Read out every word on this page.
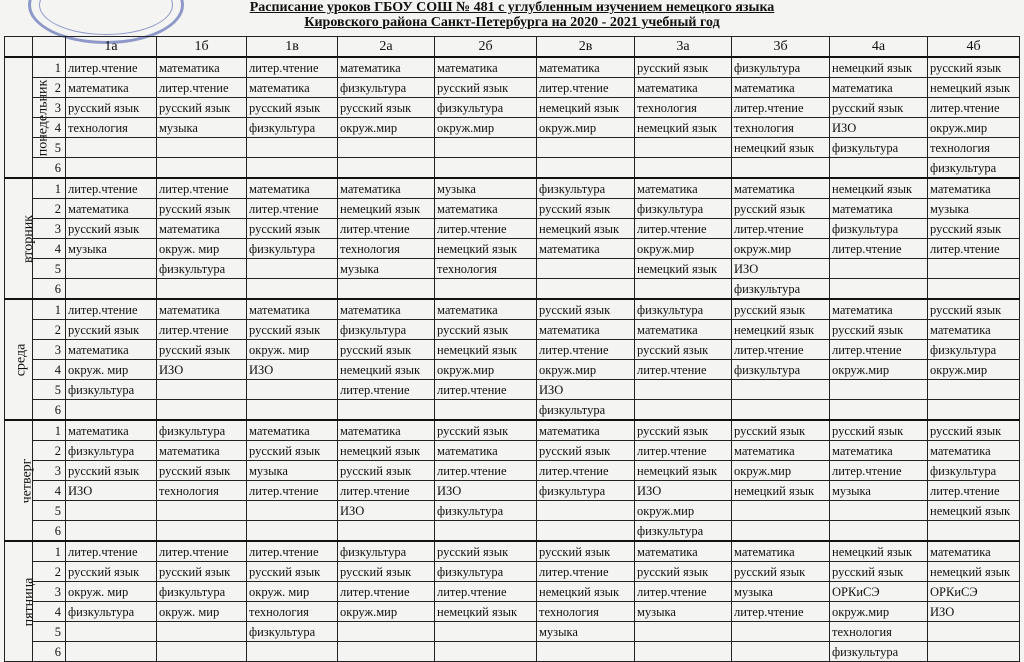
Расписание уроков ГБОУ СОШ № 481 с углубленным изучением немецкого языка
Кировского района Санкт-Петербурга на 2020 - 2021 учебный год
		1а	1б	1в	2а	2б	2в	3а	3б	4а	4б
понедельник	1	литер.чтение	математика	литер.чтение	математика	математика	математика	русский язык	физкультура	немецкий язык	русский язык
	2	математика	литер.чтение	математика	физкультура	русский язык	литер.чтение	математика	математика	математика	немецкий язык
	3	русский язык	русский язык	русский язык	русский язык	физкультура	немецкий язык	технология	литер.чтение	русский язык	литер.чтение
	4	технология	музыка	физкультура	окруж.мир	окруж.мир	окруж.мир	немецкий язык	технология	ИЗО	окруж.мир
	5								немецкий язык	физкультура	технология
	6										физкультура
вторник	1	литер.чтение	литер.чтение	математика	математика	музыка	физкультура	математика	математика	немецкий язык	математика
	2	математика	русский язык	литер.чтение	немецкий язык	математика	русский язык	физкультура	русский язык	математика	музыка
	3	русский язык	математика	русский язык	литер.чтение	литер.чтение	немецкий язык	литер.чтение	литер.чтение	физкультура	русский язык
	4	музыка	окруж. мир	физкультура	технология	немецкий язык	математика	окруж.мир	окруж.мир	литер.чтение	литер.чтение
	5		физкультура		музыка	технология		немецкий язык	ИЗО		
	6								физкультура		
среда	1	литер.чтение	математика	математика	математика	математика	русский язык	физкультура	русский язык	математика	русский язык
	2	русский язык	литер.чтение	русский язык	физкультура	русский язык	математика	математика	немецкий язык	русский язык	математика
	3	математика	русский язык	окруж. мир	русский язык	немецкий язык	литер.чтение	русский язык	литер.чтение	литер.чтение	физкультура
	4	окруж. мир	ИЗО	ИЗО	немецкий язык	окруж.мир	окруж.мир	литер.чтение	физкультура	окруж.мир	окруж.мир
	5	физкультура			литер.чтение	литер.чтение	ИЗО				
	6						физкультура				
четверг	1	математика	физкультура	математика	математика	русский язык	математика	русский язык	русский язык	русский язык	русский язык
	2	физкультура	математика	русский язык	немецкий язык	математика	русский язык	литер.чтение	математика	математика	математика
	3	русский язык	русский язык	музыка	русский язык	литер.чтение	литер.чтение	немецкий язык	окруж.мир	литер.чтение	физкультура
	4	ИЗО	технология	литер.чтение	литер.чтение	ИЗО	физкультура	ИЗО	немецкий язык	музыка	литер.чтение
	5				ИЗО	физкультура		окруж.мир			немецкий язык
	6							физкультура			
пятница	1	литер.чтение	литер.чтение	литер.чтение	физкультура	русский язык	русский язык	математика	математика	немецкий язык	математика
	2	русский язык	русский язык	русский язык	русский язык	физкультура	литер.чтение	русский язык	русский язык	русский язык	немецкий язык
	3	окруж. мир	физкультура	окруж. мир	литер.чтение	литер.чтение	немецкий язык	литер.чтение	музыка	ОРКиСЭ	ОРКиСЭ
	4	физкультура	окруж. мир	технология	окруж.мир	немецкий язык	технология	музыка	литер.чтение	окруж.мир	ИЗО
	5			физкультура			музыка			технология	
	6									физкультура	
